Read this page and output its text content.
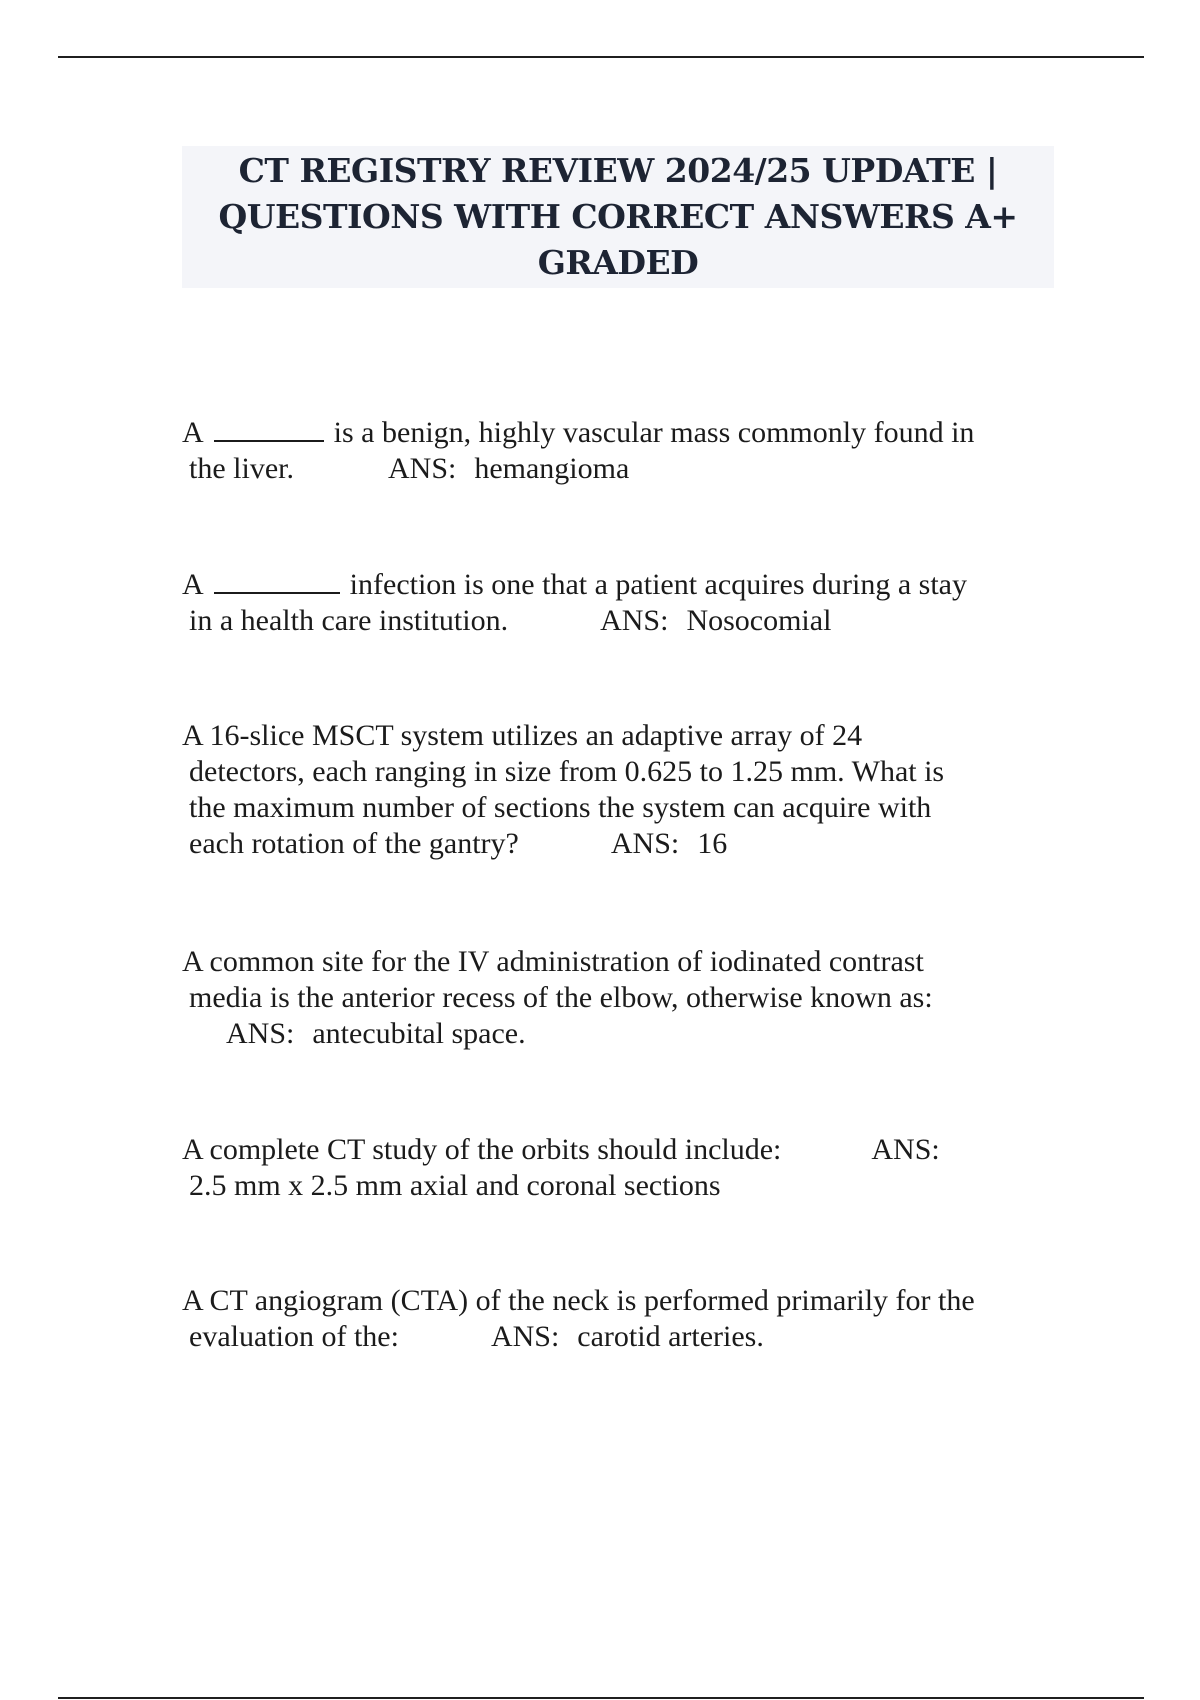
CT REGISTRY REVIEW 2024/25 UPDATE |
QUESTIONS WITH CORRECT ANSWERS A+
GRADED
A	is a benign, highly vascular mass commonly found in
the liver.	ANS: hemangioma
A	infection is one that a patient acquires during a stay
in a health care institution.	ANS: Nosocomial
A 16-slice MSCT system utilizes an adaptive array of 24
detectors, each ranging in size from 0.625 to 1.25 mm. What is
the maximum number of sections the system can acquire with
each rotation of the gantry?	ANS: 16
A common site for the IV administration of iodinated contrast
media is the anterior recess of the elbow, otherwise known as:
ANS: antecubital space.
A complete CT study of the orbits should include:	ANS:
2.5 mm x 2.5 mm axial and coronal sections
A CT angiogram (CTA) of the neck is performed primarily for the
evaluation of the:	ANS: carotid arteries.
